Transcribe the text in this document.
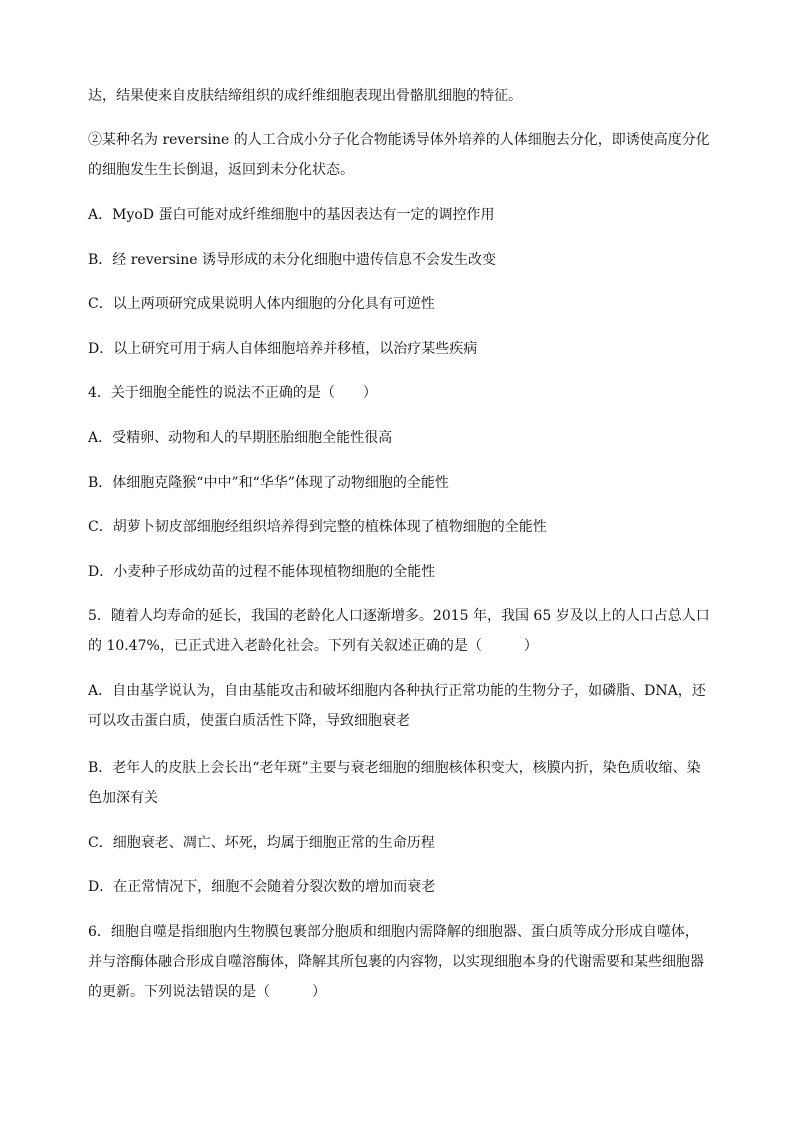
达，结果使来自皮肤结缔组织的成纤维细胞表现出骨骼肌细胞的特征。
②某种名为 reversine 的人工合成小分子化合物能诱导体外培养的人体细胞去分化，即诱使高度分化
的细胞发生生长倒退，返回到未分化状态。
A．MyoD 蛋白可能对成纤维细胞中的基因表达有一定的调控作用
B．经 reversine 诱导形成的未分化细胞中遗传信息不会发生改变
C．以上两项研究成果说明人体内细胞的分化具有可逆性
D．以上研究可用于病人自体细胞培养并移植，以治疗某些疾病
4．关于细胞全能性的说法不正确的是（　　）
A．受精卵、动物和人的早期胚胎细胞全能性很高
B．体细胞克隆猴“中中”和“华华”体现了动物细胞的全能性
C．胡萝卜韧皮部细胞经组织培养得到完整的植株体现了植物细胞的全能性
D．小麦种子形成幼苗的过程不能体现植物细胞的全能性
5．随着人均寿命的延长，我国的老龄化人口逐渐增多。2015 年，我国 65 岁及以上的人口占总人口
的 10.47%，已正式进入老龄化社会。下列有关叙述正确的是（　　　）
A．自由基学说认为，自由基能攻击和破坏细胞内各种执行正常功能的生物分子，如磷脂、DNA，还
可以攻击蛋白质，使蛋白质活性下降，导致细胞衰老
B．老年人的皮肤上会长出“老年斑”主要与衰老细胞的细胞核体积变大，核膜内折，染色质收缩、染
色加深有关
C．细胞衰老、凋亡、坏死，均属于细胞正常的生命历程
D．在正常情况下，细胞不会随着分裂次数的增加而衰老
6．细胞自噬是指细胞内生物膜包裹部分胞质和细胞内需降解的细胞器、蛋白质等成分形成自噬体，
并与溶酶体融合形成自噬溶酶体，降解其所包裹的内容物，以实现细胞本身的代谢需要和某些细胞器
的更新。下列说法错误的是（　　　）
